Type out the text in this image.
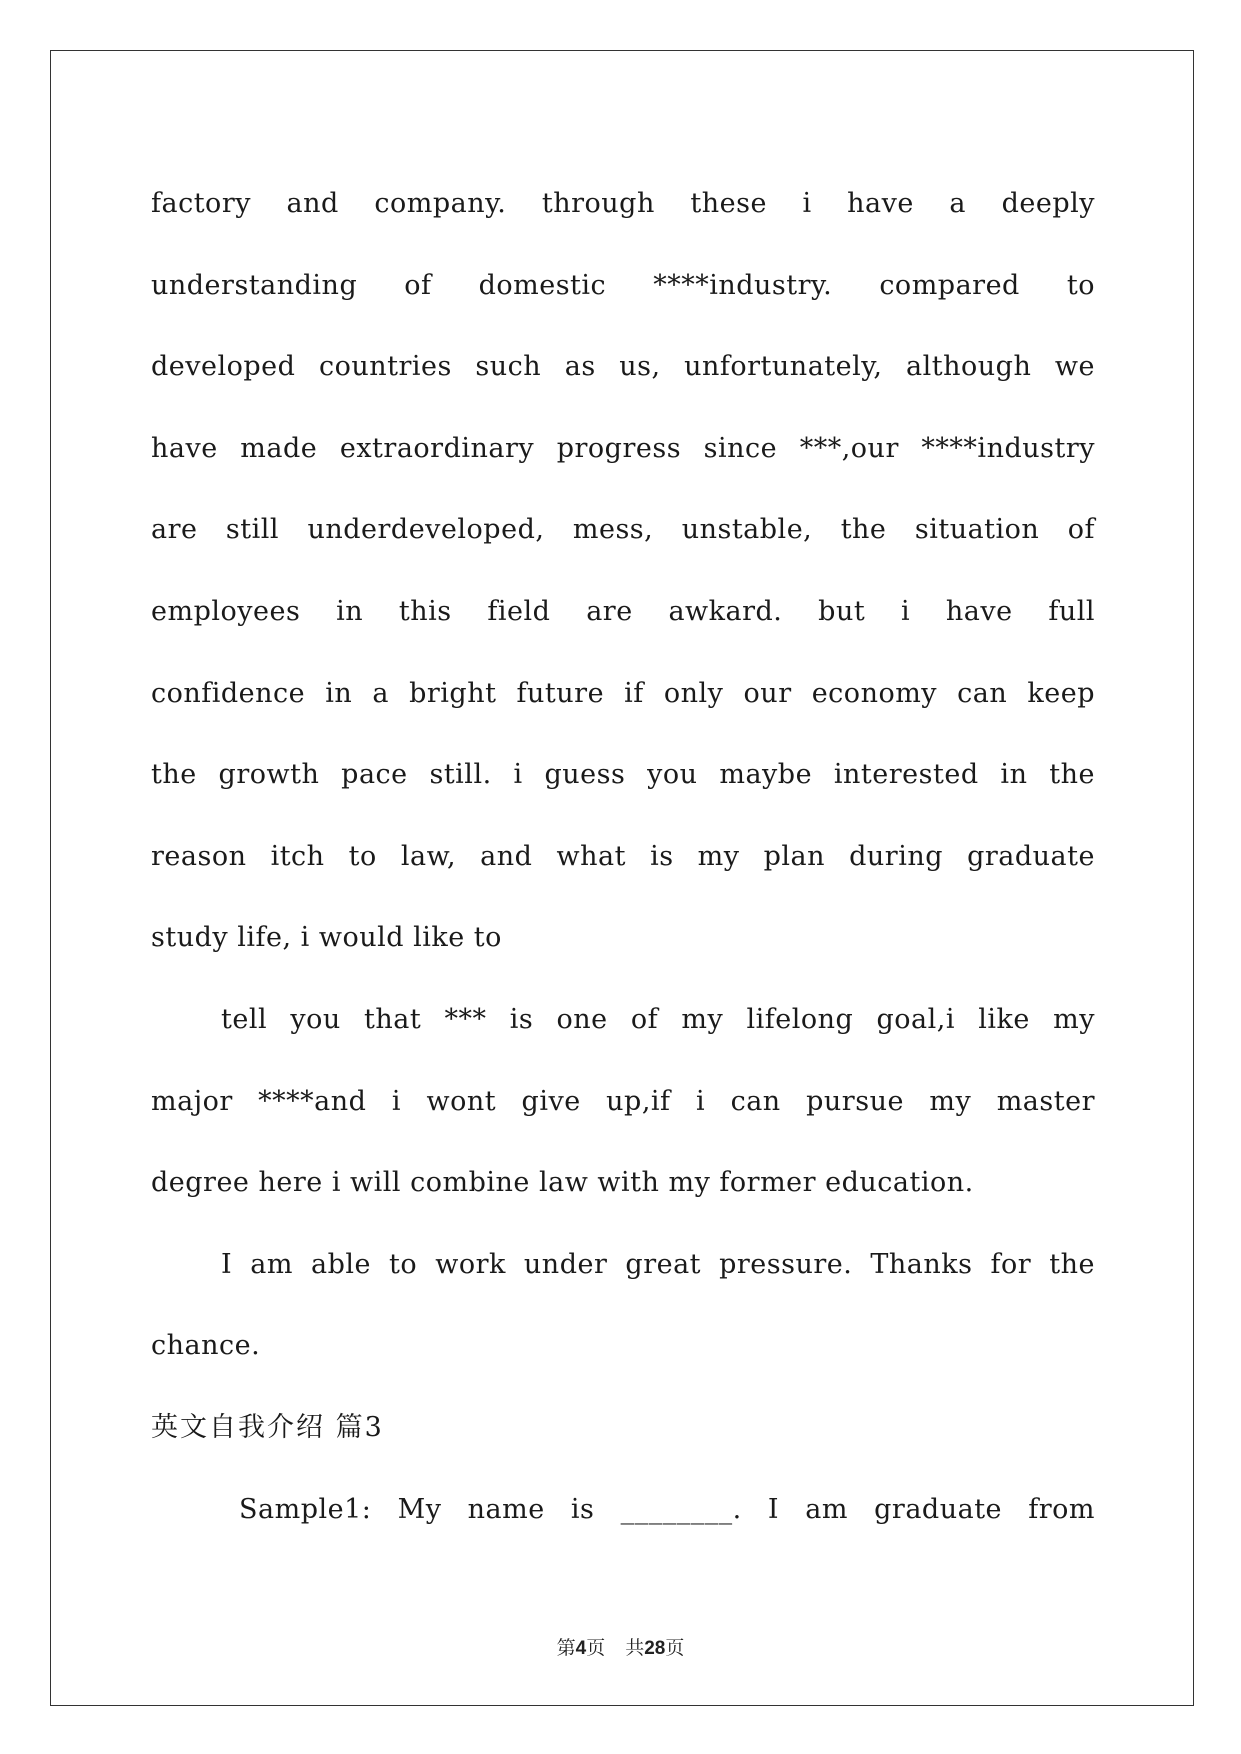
factory and company. through these i have a deeply
understanding of domestic ****industry. compared to
developed countries such as us, unfortunately, although we
have made extraordinary progress since ***,our ****industry
are still underdeveloped, mess, unstable, the situation of
employees in this field are awkard. but i have full
confidence in a bright future if only our economy can keep
the growth pace still. i guess you maybe interested in the
reason itch to law, and what is my plan during graduate
study life, i would like to
tell you that *** is one of my lifelong goal,i like my
major ****and i wont give up,if i can pursue my master
degree here i will combine law with my former education.
I am able to work under great pressure. Thanks for the
chance.
英文自我介绍 篇3
Sample1: My name is ________. I am graduate from
第4页 共28页
